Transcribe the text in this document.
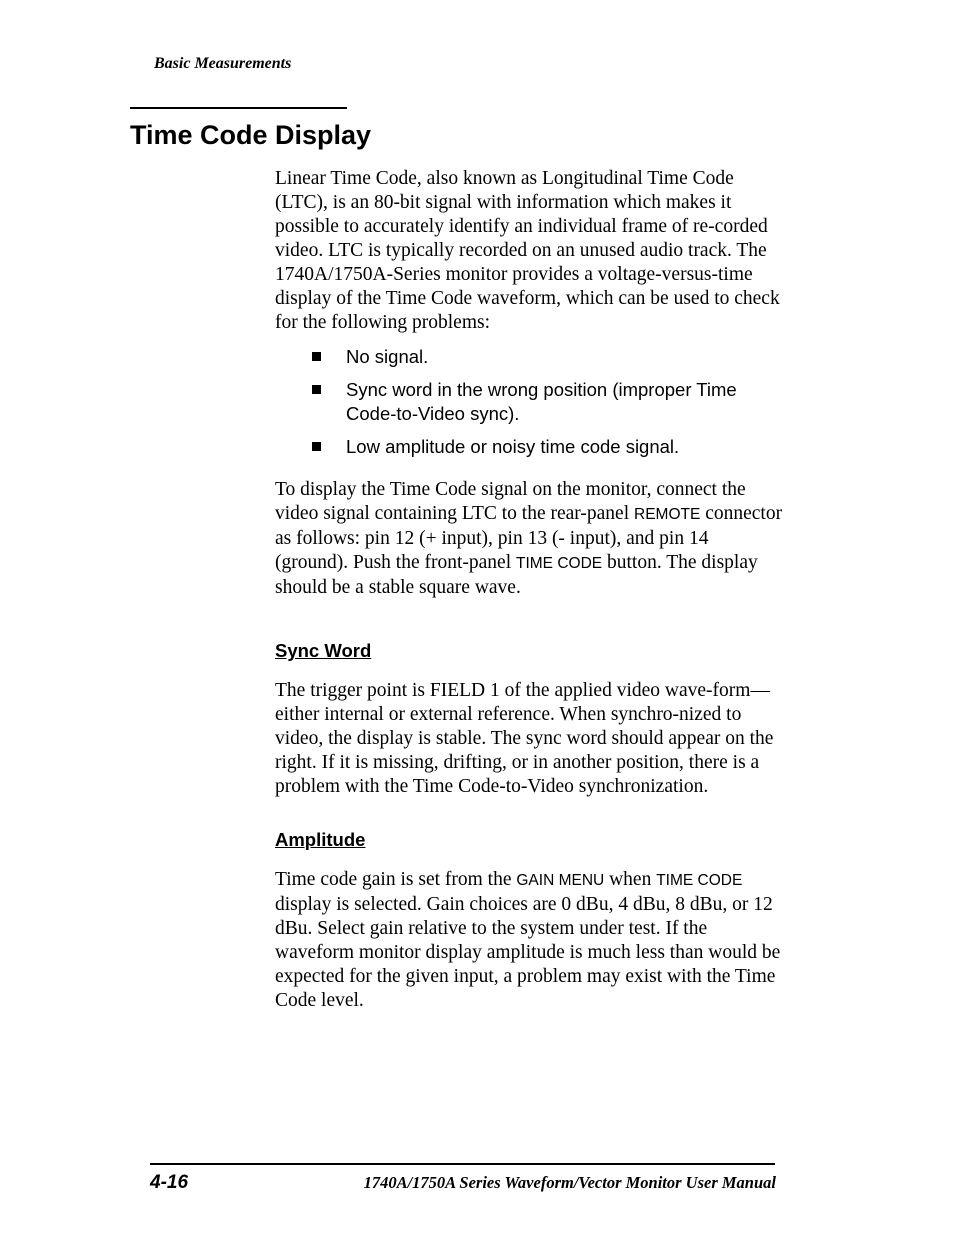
Basic Measurements
Time Code Display

Linear Time Code, also known as Longitudinal Time Code (LTC), is an 80-bit signal with information which makes it possible to accurately identify an individual frame of re-corded video. LTC is typically recorded on an unused audio track. The 1740A/1750A-Series monitor provides a voltage-versus-time display of the Time Code waveform, which can be used to check for the following problems:

No signal.
Sync word in the wrong position (improper Time Code-to-Video sync).
Low amplitude or noisy time code signal.

To display the Time Code signal on the monitor, connect the video signal containing LTC to the rear-panel REMOTE connector as follows: pin 12 (+ input), pin 13 (- input), and pin 14 (ground). Push the front-panel TIME CODE button. The display should be a stable square wave.

Sync Word

The trigger point is FIELD 1 of the applied video wave-form—either internal or external reference. When synchro-nized to video, the display is stable. The sync word should appear on the right. If it is missing, drifting, or in another position, there is a problem with the Time Code-to-Video synchronization.

Amplitude

Time code gain is set from the GAIN MENU when TIME CODE display is selected. Gain choices are 0 dBu, 4 dBu, 8 dBu, or 12 dBu. Select gain relative to the system under test. If the waveform monitor display amplitude is much less than would be expected for the given input, a problem may exist with the Time Code level.

4-16	1740A/1750A Series Waveform/Vector Monitor User Manual
